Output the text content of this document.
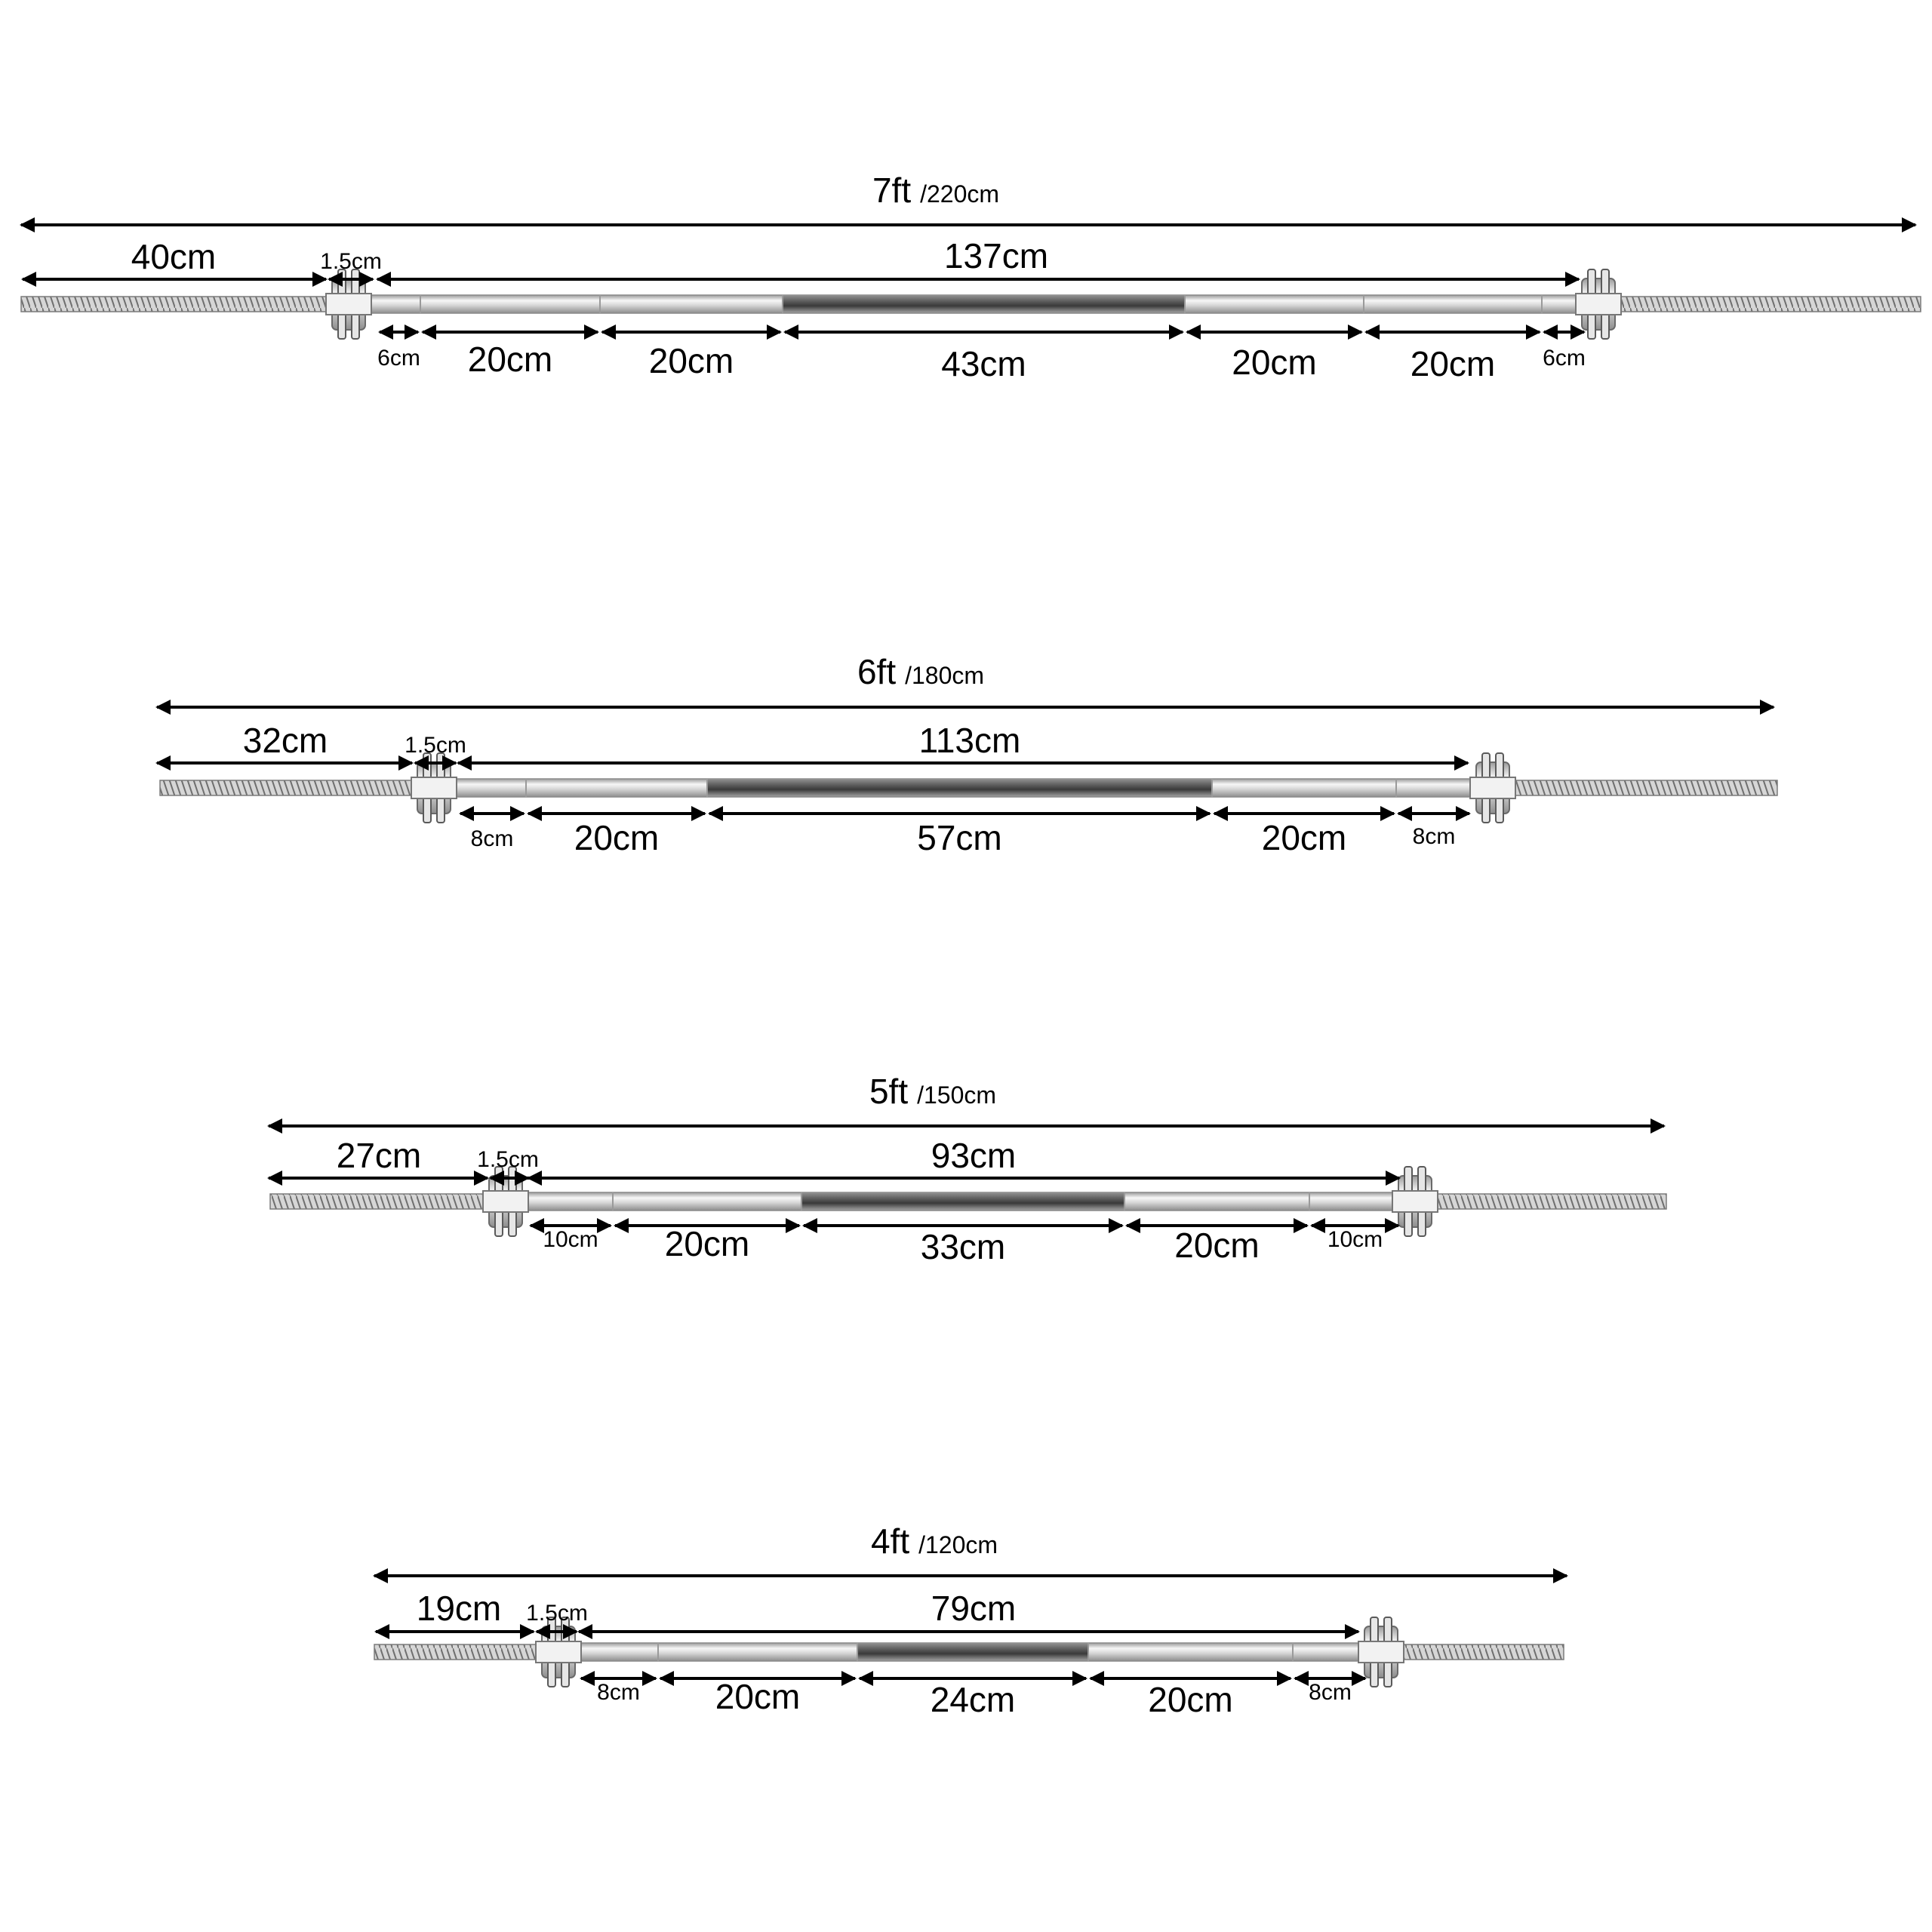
7ft /220cm
40cm	1.5cm	137cm
6cm 20cm	20cm	43cm	20cm	20cm 6cm
6ft /180cm
32cm	1.5cm	113cm
8cm 20cm	57cm	20cm	8cm
5ft /150cm
27cm 1.5cm	93cm
10cm 20cm	33cm	20cm	10cm
4ft /120cm
19cm 1.5cm	79cm
8cm 20cm	24cm	20cm	8cm
